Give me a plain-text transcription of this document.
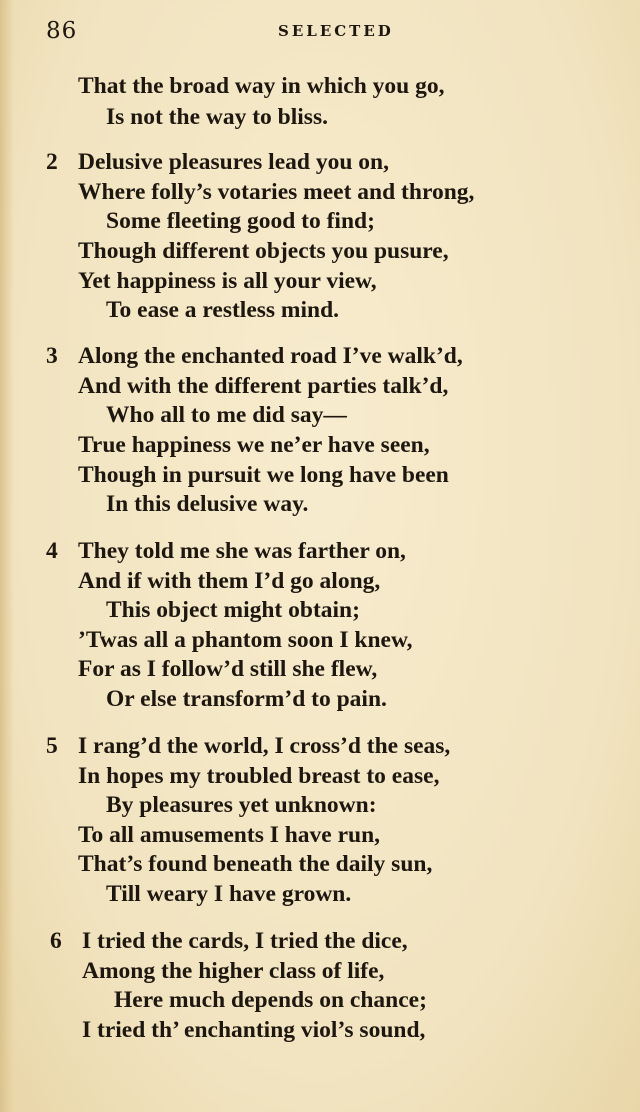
86	SELECTED
That the broad way in which you go,
Is not the way to bliss.
2 Delusive pleasures lead you on,
Where folly’s votaries meet and throng,
Some fleeting good to find;
Though different objects you pusure,
Yet happiness is all your view,
To ease a restless mind.
3 Along the enchanted road I’ve walk’d,
And with the different parties talk’d,
Who all to me did say—
True happiness we ne’er have seen,
Though in pursuit we long have been
In this delusive way.
4 They told me she was farther on,
And if with them I’d go along,
This object might obtain;
’Twas all a phantom soon I knew,
For as I follow’d still she flew,
Or else transform’d to pain.
5 I rang’d the world, I cross’d the seas,
In hopes my troubled breast to ease,
By pleasures yet unknown:
To all amusements I have run,
That’s found beneath the daily sun,
Till weary I have grown.
6 I tried the cards, I tried the dice,
Among the higher class of life,
Here much depends on chance;
I tried th’ enchanting viol’s sound,
